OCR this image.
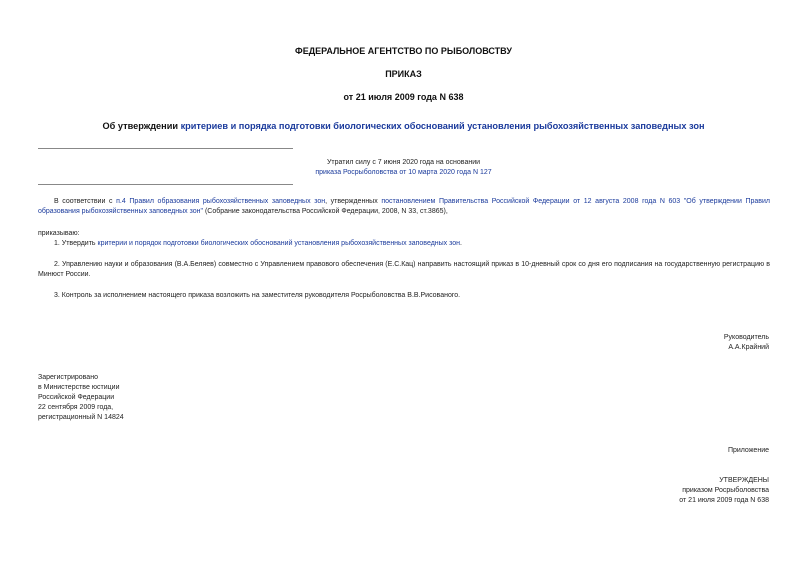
ФЕДЕРАЛЬНОЕ АГЕНТСТВО ПО РЫБОЛОВСТВУ
ПРИКАЗ
от 21 июля 2009 года N 638
Об утверждении критериев и порядка подготовки биологических обоснований установления рыбохозяйственных заповедных зон
Утратил силу с 7 июня 2020 года на основании
приказа Росрыболовства от 10 марта 2020 года N 127
В соответствии с п.4 Правил образования рыбохозяйственных заповедных зон, утвержденных постановлением Правительства Российской Федерации от 12 августа 2008 года N 603 "Об утверждении Правил образования рыбохозяйственных заповедных зон" (Собрание законодательства Российской Федерации, 2008, N 33, ст.3865),
приказываю:
1. Утвердить критерии и порядок подготовки биологических обоснований установления рыбохозяйственных заповедных зон.
2. Управлению науки и образования (В.А.Беляев) совместно с Управлением правового обеспечения (Е.С.Кац) направить настоящий приказ в 10-дневный срок со дня его подписания на государственную регистрацию в Минюст России.
3. Контроль за исполнением настоящего приказа возложить на заместителя руководителя Росрыболовства В.В.Рисованого.
Руководитель
А.А.Крайний
Зарегистрировано
в Министерстве юстиции
Российской Федерации
22 сентября 2009 года,
регистрационный N 14824
Приложение
УТВЕРЖДЕНЫ
приказом Росрыболовства
от 21 июля 2009 года N 638
